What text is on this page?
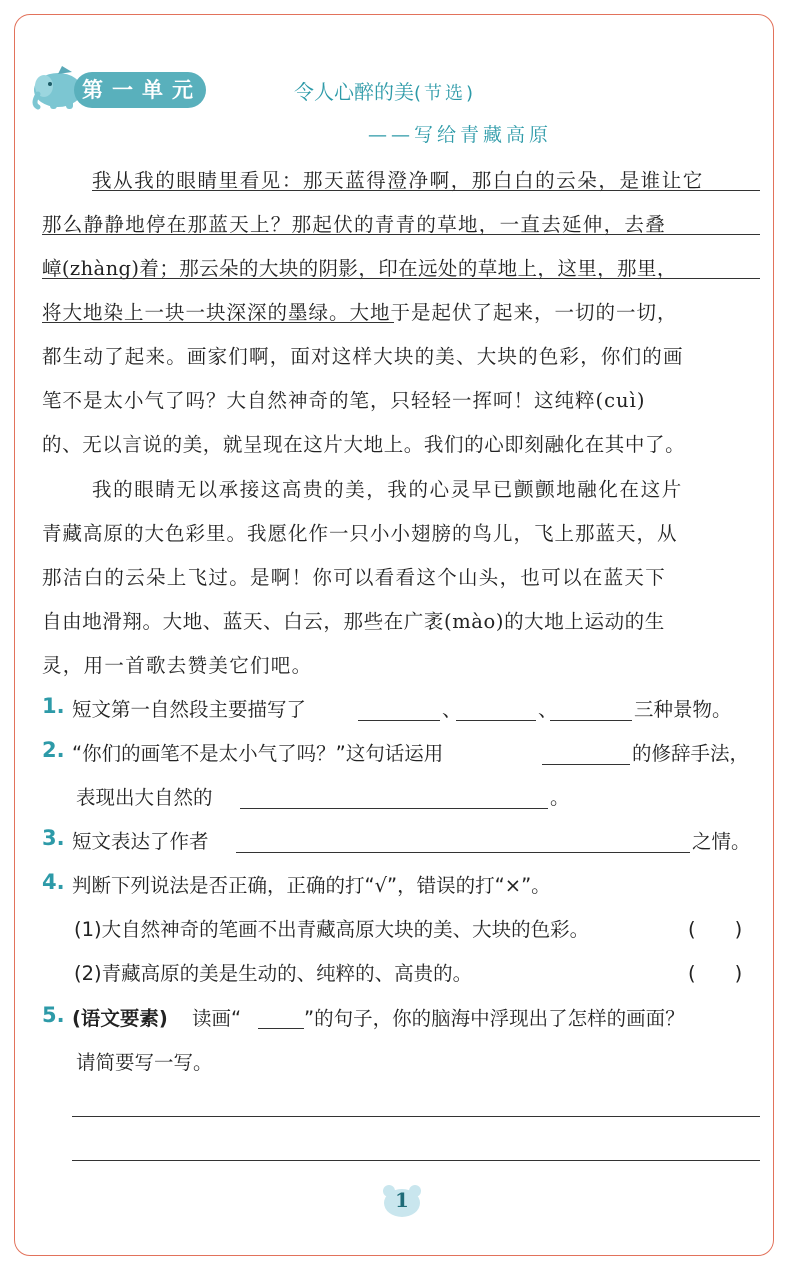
第一单元	令人心醉的美(节选)
——写给青藏高原
我从我的眼睛里看见：那天蓝得澄净啊，那白白的云朵，是谁让它
那么静静地停在那蓝天上？那起伏的青青的草地，一直去延伸，去叠
嶂(zhàng)着；那云朵的大块的阴影，印在远处的草地上，这里，那里，
将大地染上一块一块深深的墨绿。大地于是起伏了起来，一切的一切，
都生动了起来。画家们啊，面对这样大块的美、大块的色彩，你们的画
笔不是太小气了吗？大自然神奇的笔，只轻轻一挥呵！这纯粹(cuì)
的、无以言说的美，就呈现在这片大地上。我们的心即刻融化在其中了。
我的眼睛无以承接这高贵的美，我的心灵早已颤颤地融化在这片
青藏高原的大色彩里。我愿化作一只小小翅膀的鸟儿，飞上那蓝天，从
那洁白的云朵上飞过。是啊！你可以看看这个山头，也可以在蓝天下
自由地滑翔。大地、蓝天、白云，那些在广袤(mào)的大地上运动的生
灵，用一首歌去赞美它们吧。
1. 短文第一自然段主要描写了	、	、	三种景物。
2. “你们的画笔不是太小气了吗？”这句话运用	的修辞手法，
表现出大自然的	。
3. 短文表达了作者	之情。
4. 判断下列说法是否正确，正确的打“√”，错误的打“×”。
(1)大自然神奇的笔画不出青藏高原大块的美、大块的色彩。	(　　)
(2)青藏高原的美是生动的、纯粹的、高贵的。	(　　)
5. (语文要素) 读画“	”的句子，你的脑海中浮现出了怎样的画面？
请简要写一写。
1
